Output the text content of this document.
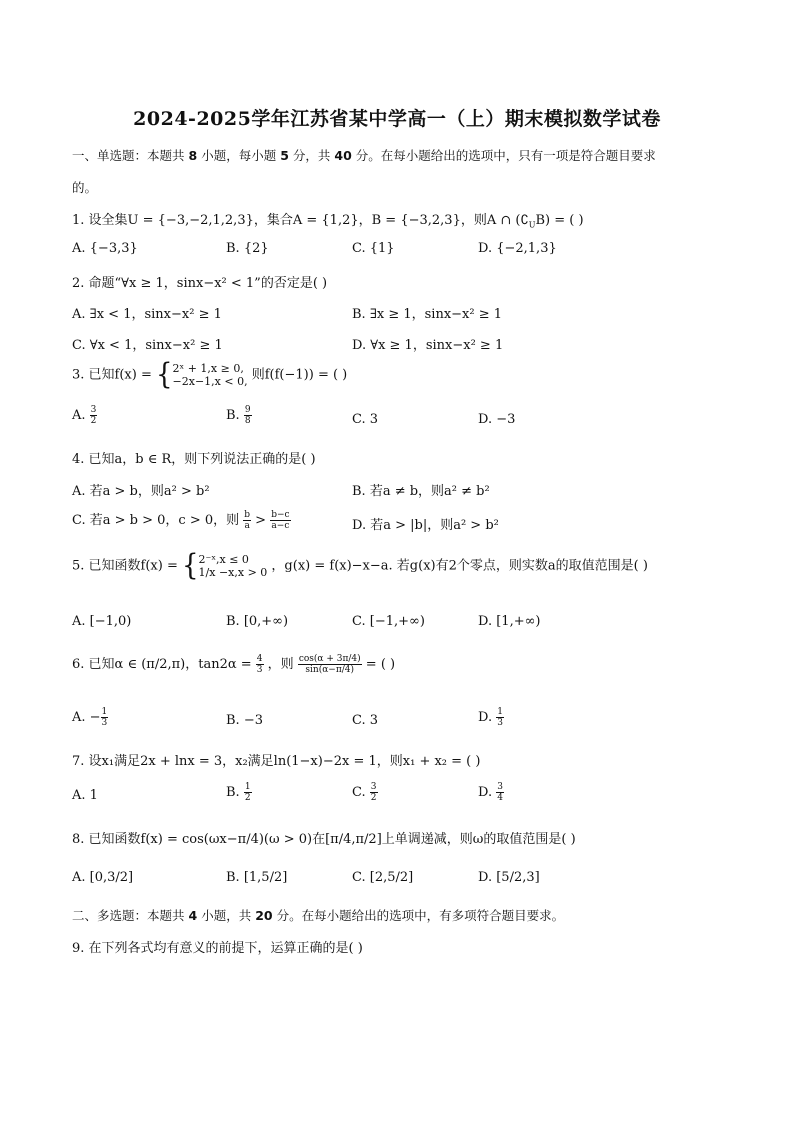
2024-2025学年江苏省某中学高一（上）期末模拟数学试卷
一、单选题：本题共 8 小题，每小题 5 分，共 40 分。在每小题给出的选项中，只有一项是符合题目要求
的。
1. 设全集U = {−3,−2,1,2,3}，集合A = {1,2}，B = {−3,2,3}，则A ∩ $(∁_UB)$ = ( )
A. {−3,3}	B. {2}	C. {1}	D. {−2,1,3}
2. 命题“∀x ≥ 1，sinx−x² < 1”的否定是( )
A. ∃x < 1，sinx−x² ≥ 1	B. ∃x ≥ 1，sinx−x² ≥ 1
C. ∀x < 1，sinx−x² ≥ 1	D. ∀x ≥ 1，sinx−x² ≥ 1
3. 已知f(x) = { 2ˣ + 1,x ≥ 0,
−2x−1,x < 0, 则f(f(−1)) = ( )
A. $\frac{3}{2}$	B. $\frac{9}{8}$	C. 3	D. −3
4. 已知a，b ∈ R，则下列说法正确的是( )
A. 若a > b，则a² > b²	B. 若a ≠ b，则a² ≠ b²
C. 若a > b > 0，c > 0，则 $\frac{b}{a} > \frac{b-c}{a-c}$	D. 若a > |b|，则a² > b²
5. 已知函数f(x) = { 2⁻ˣ,x ≤ 0
1/x −x,x > 0 ，g(x) = f(x)−x−a. 若g(x)有2个零点，则实数a的取值范围是( )
A. [−1,0)	B. [0,+∞)	C. [−1,+∞)	D. [1,+∞)
6. 已知α ∈ (π/2,π)，$\tan 2\alpha = \frac{4}{3}$ ，则 $\frac{\cos(\alpha + 3\pi/4)}{\sin(\alpha-\pi/4)}$ = ( )
A. − $\frac{1}{3}$	B. −3	C. 3	D. $\frac{1}{3}$
7. 设x₁满足2x + lnx = 3，x₂满足ln(1−x)−2x = 1，则x₁ + x₂ = ( )
A. 1	B. $\frac{1}{2}$	C. $\frac{3}{2}$	D. $\frac{3}{4}$
8. 已知函数f(x) = cos(ωx−π/4)(ω > 0)在[π/4,π/2]上单调递减，则ω的取值范围是( )
A. [0,3/2]	B. [1,5/2]	C. [2,5/2]	D. [5/2,3]
二、多选题：本题共 4 小题，共 20 分。在每小题给出的选项中，有多项符合题目要求。
9. 在下列各式均有意义的前提下，运算正确的是( )
